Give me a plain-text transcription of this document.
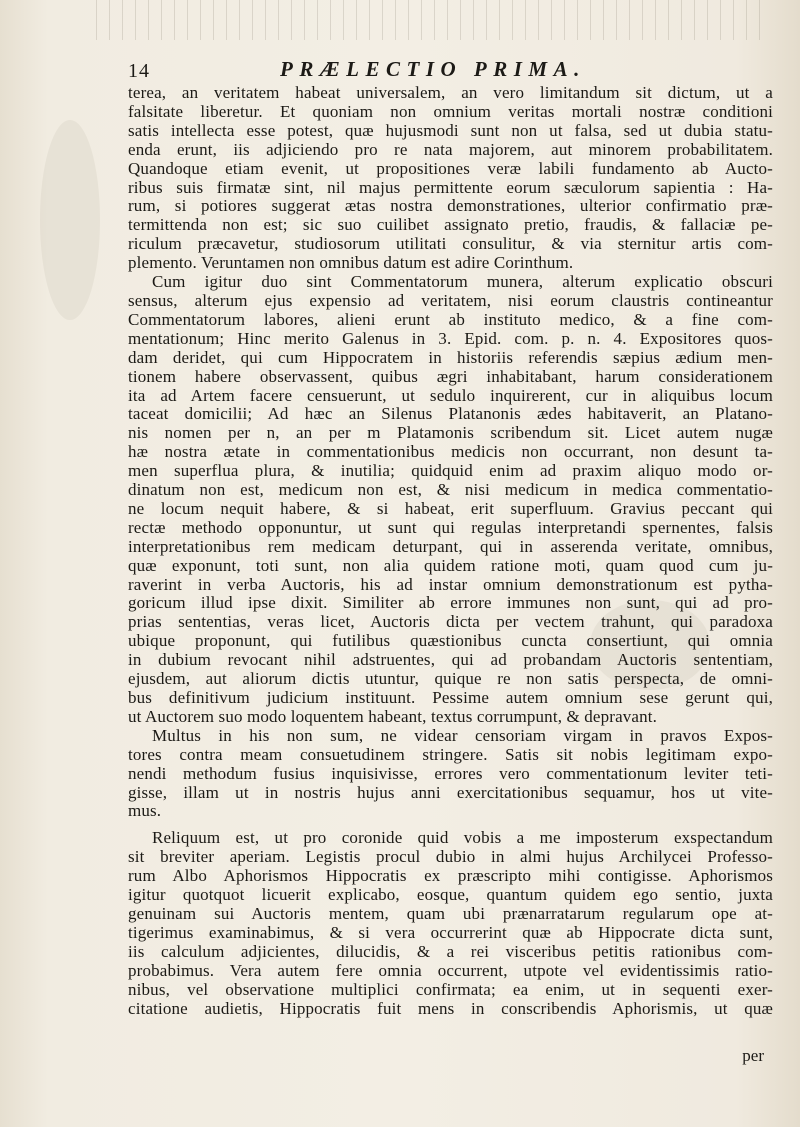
14	PRÆLECTIO PRIMA.
terea, an veritatem habeat universalem, an vero limitandum sit dictum, ut a
falsitate liberetur. Et quoniam non omnium veritas mortali nostræ conditioni
satis intellecta esse potest, quæ hujusmodi sunt non ut falsa, sed ut dubia statu-
enda erunt, iis adjiciendo pro re nata majorem, aut minorem probabilitatem.
Quandoque etiam evenit, ut propositiones veræ labili fundamento ab Aucto-
ribus suis firmatæ sint, nil majus permittente eorum sæculorum sapientia : Ha-
rum, si potiores suggerat ætas nostra demonstrationes, ulterior confirmatio præ-
termittenda non est; sic suo cuilibet assignato pretio, fraudis, & fallaciæ pe-
riculum præcavetur, studiosorum utilitati consulitur, & via sternitur artis com-
plemento. Veruntamen non omnibus datum est adire Corinthum.
Cum igitur duo sint Commentatorum munera, alterum explicatio obscuri
sensus, alterum ejus expensio ad veritatem, nisi eorum claustris contineantur
Commentatorum labores, alieni erunt ab instituto medico, & a fine com-
mentationum; Hinc merito Galenus in 3. Epid. com. p. n. 4. Expositores quos-
dam deridet, qui cum Hippocratem in historiis referendis sæpius ædium men-
tionem habere observassent, quibus ægri inhabitabant, harum considerationem
ita ad Artem facere censuerunt, ut sedulo inquirerent, cur in aliquibus locum
taceat domicilii; Ad hæc an Silenus Platanonis ædes habitaverit, an Platano-
nis nomen per n, an per m Platamonis scribendum sit. Licet autem nugæ
hæ nostra ætate in commentationibus medicis non occurrant, non desunt ta-
men superflua plura, & inutilia; quidquid enim ad praxim aliquo modo or-
dinatum non est, medicum non est, & nisi medicum in medica commentatio-
ne locum nequit habere, & si habeat, erit superfluum. Gravius peccant qui
rectæ methodo opponuntur, ut sunt qui regulas interpretandi spernentes, falsis
interpretationibus rem medicam deturpant, qui in asserenda veritate, omnibus,
quæ exponunt, toti sunt, non alia quidem ratione moti, quam quod cum ju-
raverint in verba Auctoris, his ad instar omnium demonstrationum est pytha-
goricum illud ipse dixit. Similiter ab errore immunes non sunt, qui ad pro-
prias sententias, veras licet, Auctoris dicta per vectem trahunt, qui paradoxa
ubique proponunt, qui futilibus quæstionibus cuncta consertiunt, qui omnia
in dubium revocant nihil adstruentes, qui ad probandam Auctoris sententiam,
ejusdem, aut aliorum dictis utuntur, quique re non satis perspecta, de omni-
bus definitivum judicium instituunt. Pessime autem omnium sese gerunt qui,
ut Auctorem suo modo loquentem habeant, textus corrumpunt, & depravant.
Multus in his non sum, ne videar censoriam virgam in pravos Expos-
tores contra meam consuetudinem stringere. Satis sit nobis legitimam expo-
nendi methodum fusius inquisivisse, errores vero commentationum leviter teti-
gisse, illam ut in nostris hujus anni exercitationibus sequamur, hos ut vite-
mus.
Reliquum est, ut pro coronide quid vobis a me imposterum exspectandum
sit breviter aperiam. Legistis procul dubio in almi hujus Archilycei Professo-
rum Albo Aphorismos Hippocratis ex præscripto mihi contigisse. Aphorismos
igitur quotquot licuerit explicabo, eosque, quantum quidem ego sentio, juxta
genuinam sui Auctoris mentem, quam ubi prænarratarum regularum ope at-
tigerimus examinabimus, & si vera occurrerint quæ ab Hippocrate dicta sunt,
iis calculum adjicientes, dilucidis, & a rei visceribus petitis rationibus com-
probabimus. Vera autem fere omnia occurrent, utpote vel evidentissimis ratio-
nibus, vel observatione multiplici confirmata; ea enim, ut in sequenti exer-
citatione audietis, Hippocratis fuit mens in conscribendis Aphorismis, ut quæ
per
